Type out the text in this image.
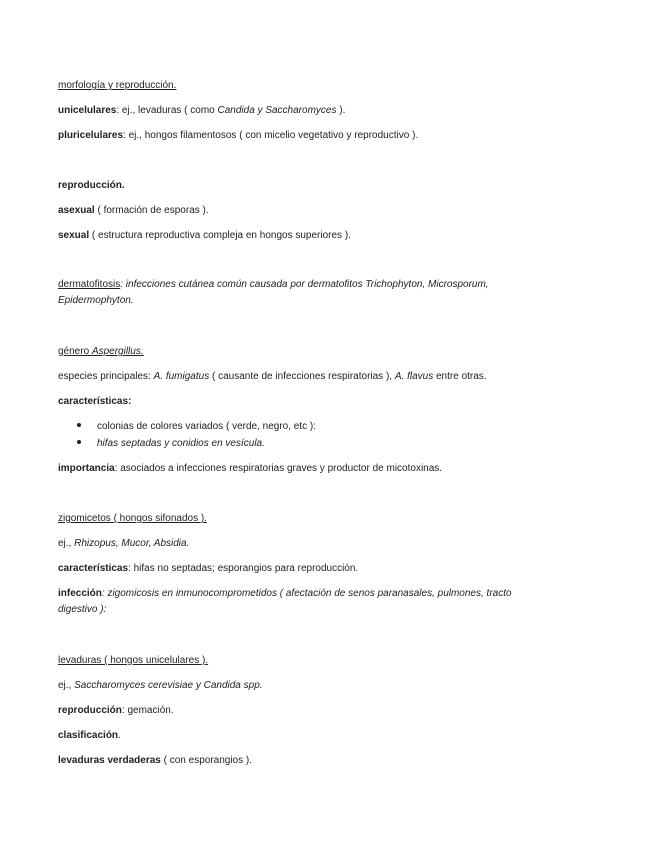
morfología y reproducción.
unicelulares: ej., levaduras ( como Candida y Saccharomyces ).
pluricelulares: ej., hongos filamentosos ( con micelio vegetativo y reproductivo ).
reproducción.
asexual ( formación de esporas ).
sexual ( estructura reproductiva compleja en hongos superiores ).
dermatofitosis: infecciones cutánea común causada por dermatofitos Trichophyton, Microsporum,
Epidermophyton.
género Aspergillus.
especies principales: A. fumigatus ( causante de infecciones respiratorias ), A. flavus entre otras.
características:
colonias de colores variados ( verde, negro, etc ):
hifas septadas y conidios en vesícula.
importancia: asociados a infecciones respiratorias graves y productor de micotoxinas.
zigomicetos ( hongos sifonados ).
ej., Rhizopus, Mucor, Absidia.
características: hifas no septadas; esporangios para reproducción.
infección: zigomicosis en inmunocomprometidos ( afectación de senos paranasales, pulmones, tracto
digestivo ):
levaduras ( hongos unicelulares ).
ej., Saccharomyces cerevisiae y Candida spp.
reproducción: gemación.
clasificación.
levaduras verdaderas ( con esporangios ).
